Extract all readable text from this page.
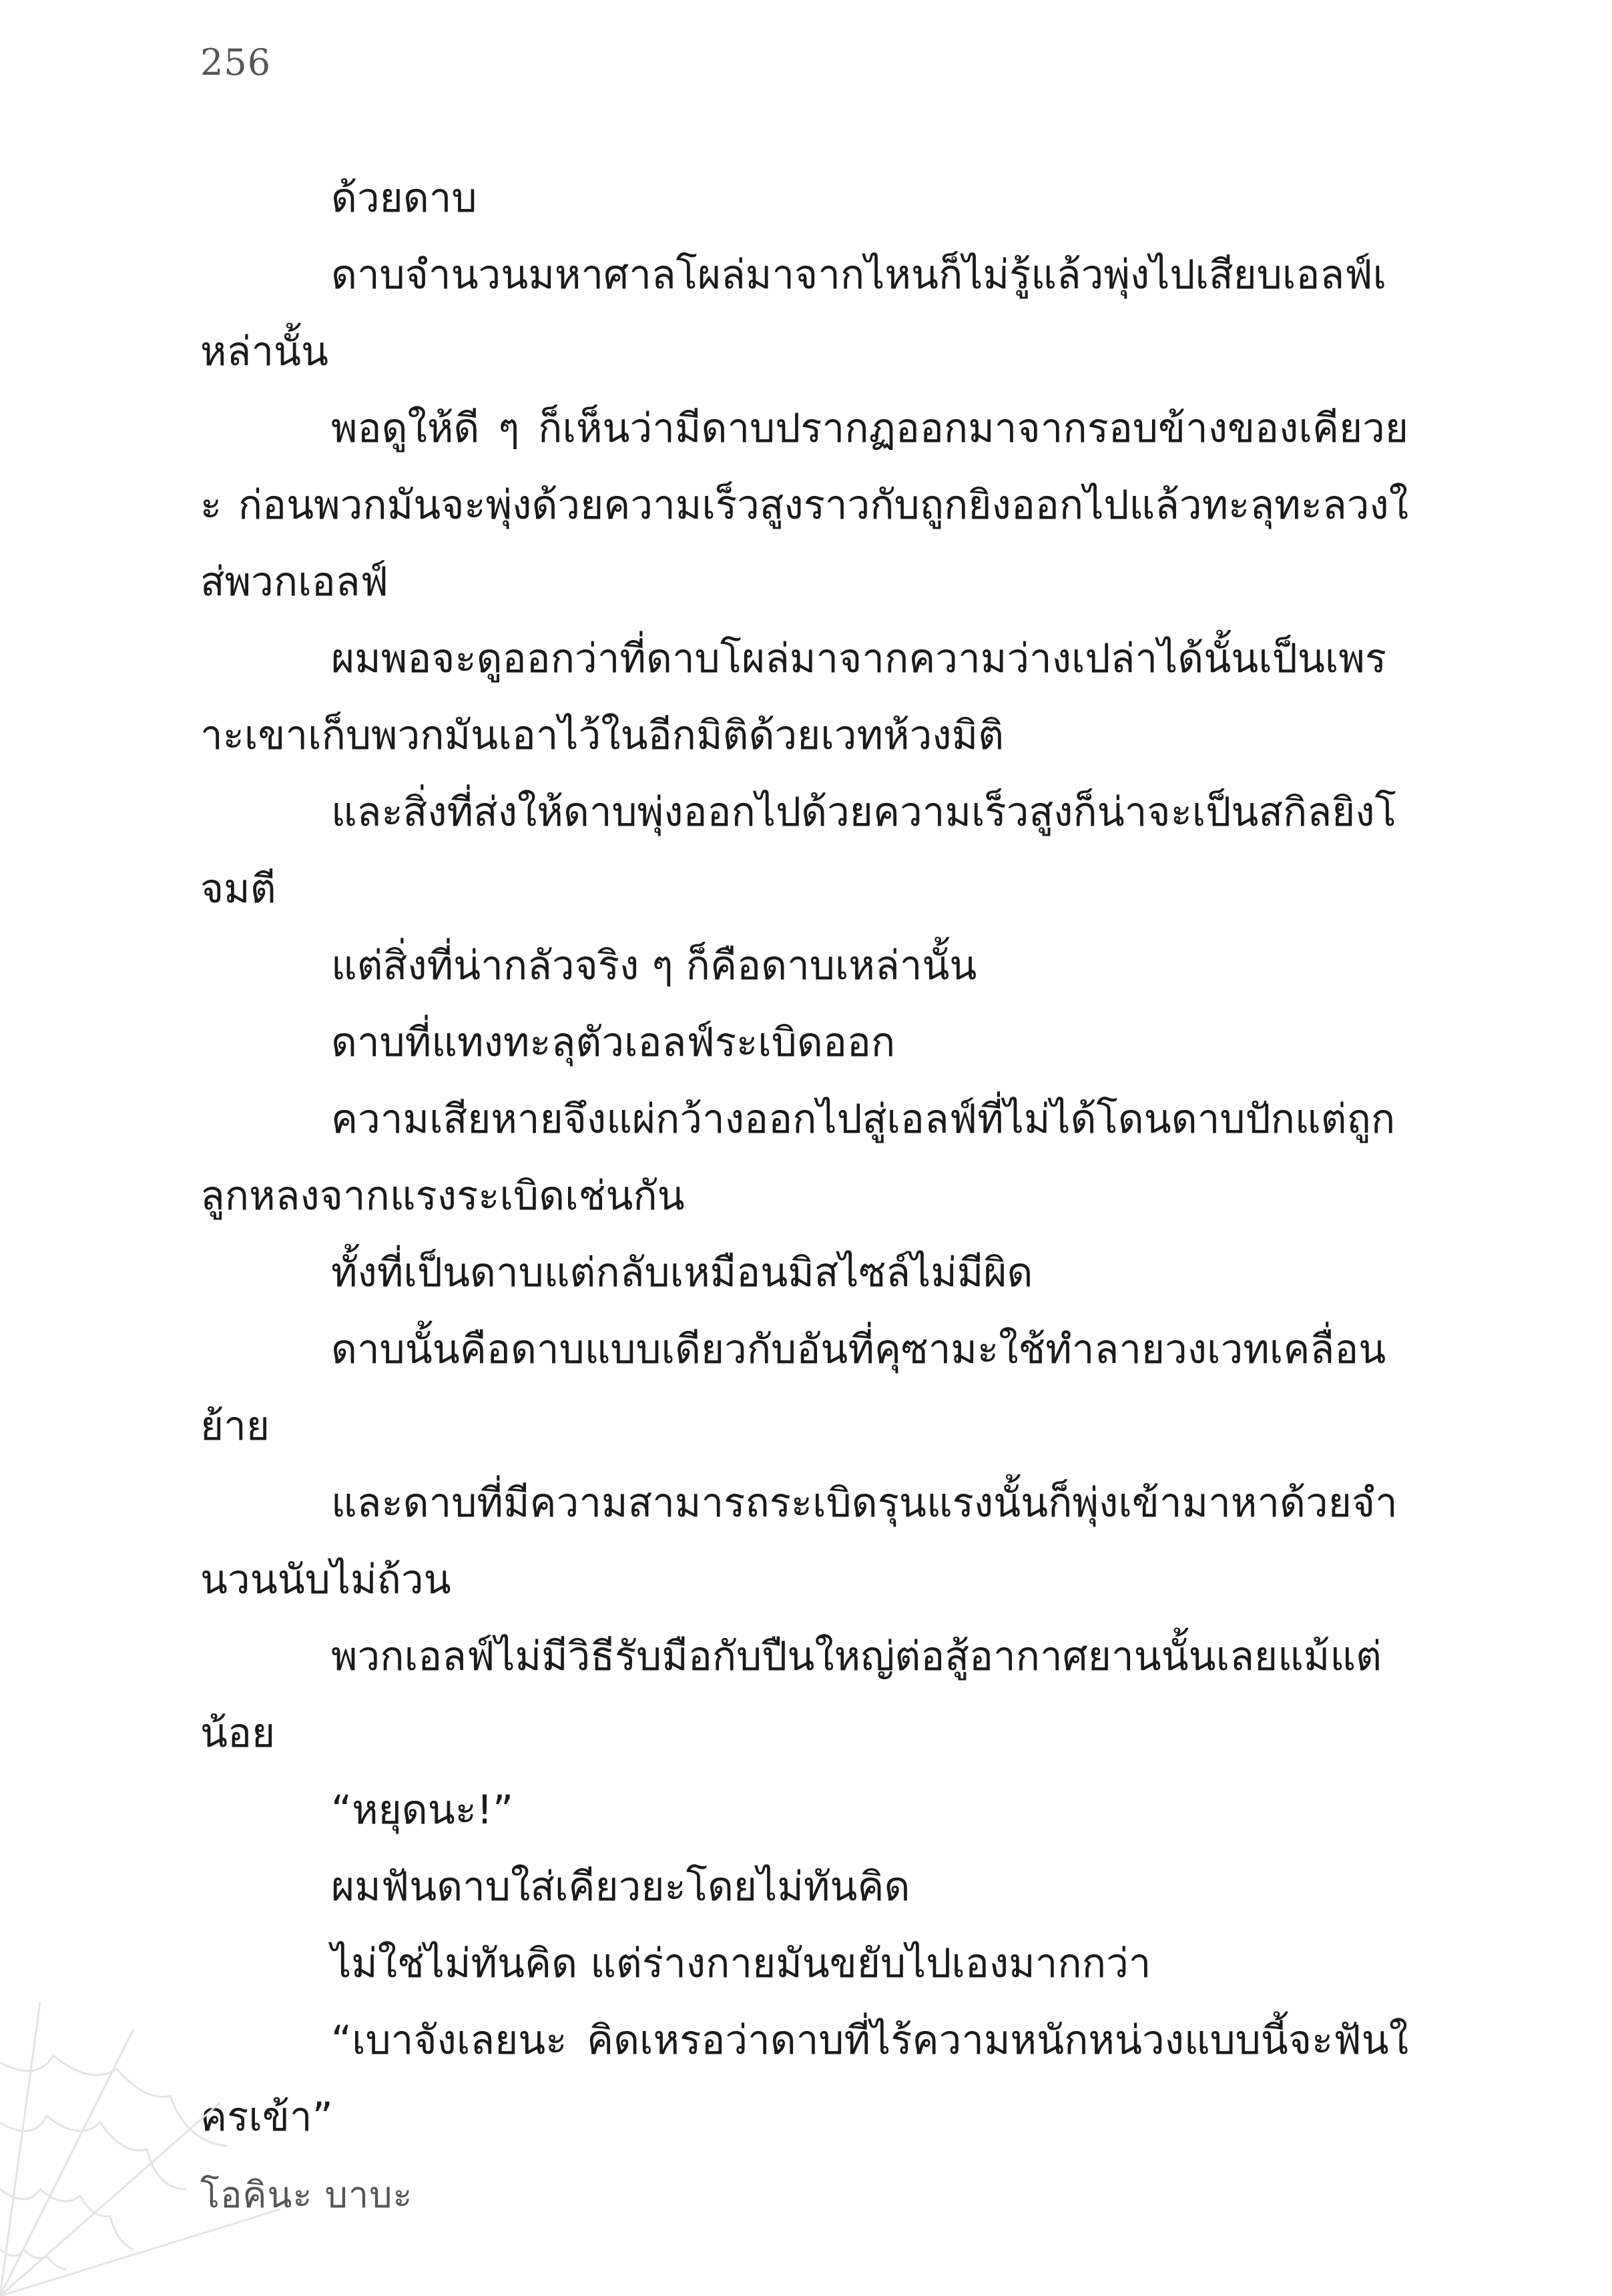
256

ด้วยดาบ

ดาบจำนวนมหาศาลโผล่มาจากไหนก็ไม่รู้แล้วพุ่งไปเสียบเอลฟ์เหล่านั้น

พอดูให้ดี ๆ ก็เห็นว่ามีดาบปรากฏออกมาจากรอบข้างของเคียวยะ ก่อนพวกมันจะพุ่งด้วยความเร็วสูงราวกับถูกยิงออกไปแล้วทะลุทะลวงใส่พวกเอลฟ์

ผมพอจะดูออกว่าที่ดาบโผล่มาจากความว่างเปล่าได้นั้นเป็นเพราะเขาเก็บพวกมันเอาไว้ในอีกมิติด้วยเวทห้วงมิติ

และสิ่งที่ส่งให้ดาบพุ่งออกไปด้วยความเร็วสูงก็น่าจะเป็นสกิลยิงโจมตี

แต่สิ่งที่น่ากลัวจริง ๆ ก็คือดาบเหล่านั้น

ดาบที่แทงทะลุตัวเอลฟ์ระเบิดออก

ความเสียหายจึงแผ่กว้างออกไปสู่เอลฟ์ที่ไม่ได้โดนดาบปักแต่ถูกลูกหลงจากแรงระเบิดเช่นกัน

ทั้งที่เป็นดาบแต่กลับเหมือนมิสไซล์ไม่มีผิด

ดาบนั้นคือดาบแบบเดียวกับอันที่คุซามะใช้ทำลายวงเวทเคลื่อนย้าย

และดาบที่มีความสามารถระเบิดรุนแรงนั้นก็พุ่งเข้ามาหาด้วยจำนวนนับไม่ถ้วน

พวกเอลฟ์ไม่มีวิธีรับมือกับปืนใหญ่ต่อสู้อากาศยานนั้นเลยแม้แต่น้อย

“หยุดนะ!”

ผมฟันดาบใส่เคียวยะโดยไม่ทันคิด

ไม่ใช่ไม่ทันคิด แต่ร่างกายมันขยับไปเองมากกว่า

“เบาจังเลยนะ คิดเหรอว่าดาบที่ไร้ความหนักหน่วงแบบนี้จะฟันใครเข้า”

โอคินะ บาบะ
